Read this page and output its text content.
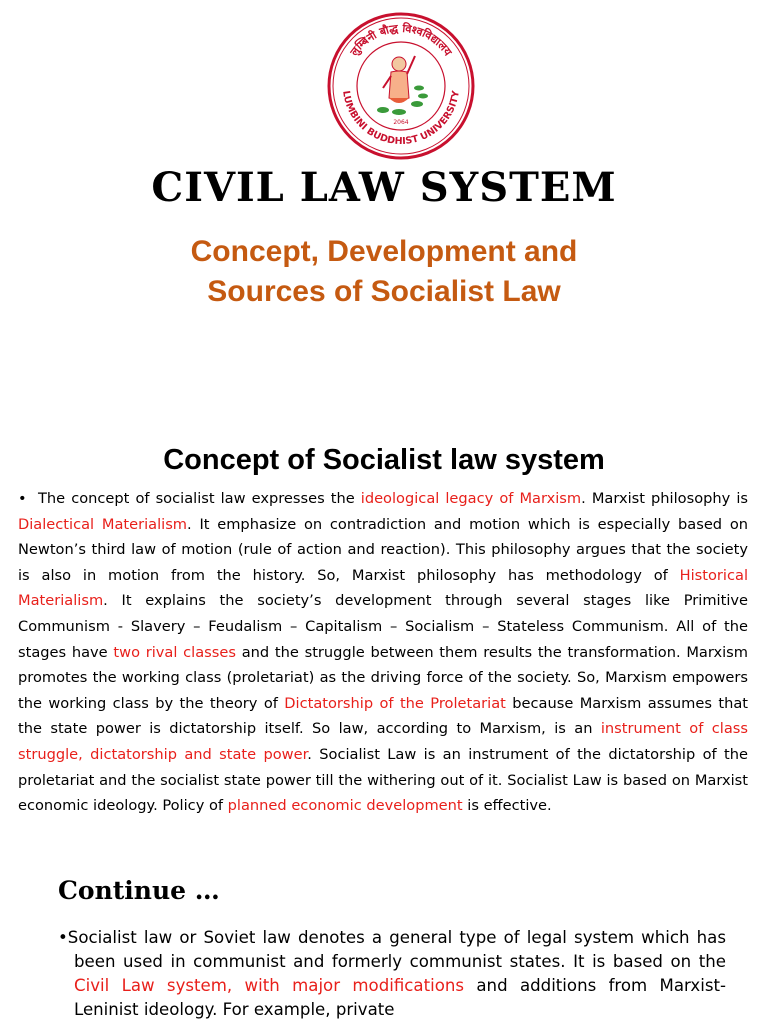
लुम्बिनी बौद्ध विश्वविद्यालय
LUMBINI BUDDHIST UNIVERSITY
2064
CIVIL LAW SYSTEM
Concept, Development and
Sources of Socialist Law
Concept of Socialist law system
• The concept of socialist law expresses the ideological legacy of Marxism. Marxist philosophy is Dialectical Materialism. It emphasize on contradiction and motion which is especially based on Newton’s third law of motion (rule of action and reaction). This philosophy argues that the society is also in motion from the history. So, Marxist philosophy has methodology of Historical Materialism. It explains the society’s development through several stages like Primitive Communism - Slavery – Feudalism – Capitalism – Socialism – Stateless Communism. All of the stages have two rival classes and the struggle between them results the transformation. Marxism promotes the working class (proletariat) as the driving force of the society. So, Marxism empowers the working class by the theory of Dictatorship of the Proletariat because Marxism assumes that the state power is dictatorship itself. So law, according to Marxism, is an instrument of class struggle, dictatorship and state power. Socialist Law is an instrument of the dictatorship of the proletariat and the socialist state power till the withering out of it. Socialist Law is based on Marxist economic ideology. Policy of planned economic development is effective.
Continue …
•Socialist law or Soviet law denotes a general type of legal system which has been used in communist and formerly communist states. It is based on the Civil Law system, with major modifications and additions from Marxist-Leninist ideology. For example, private
